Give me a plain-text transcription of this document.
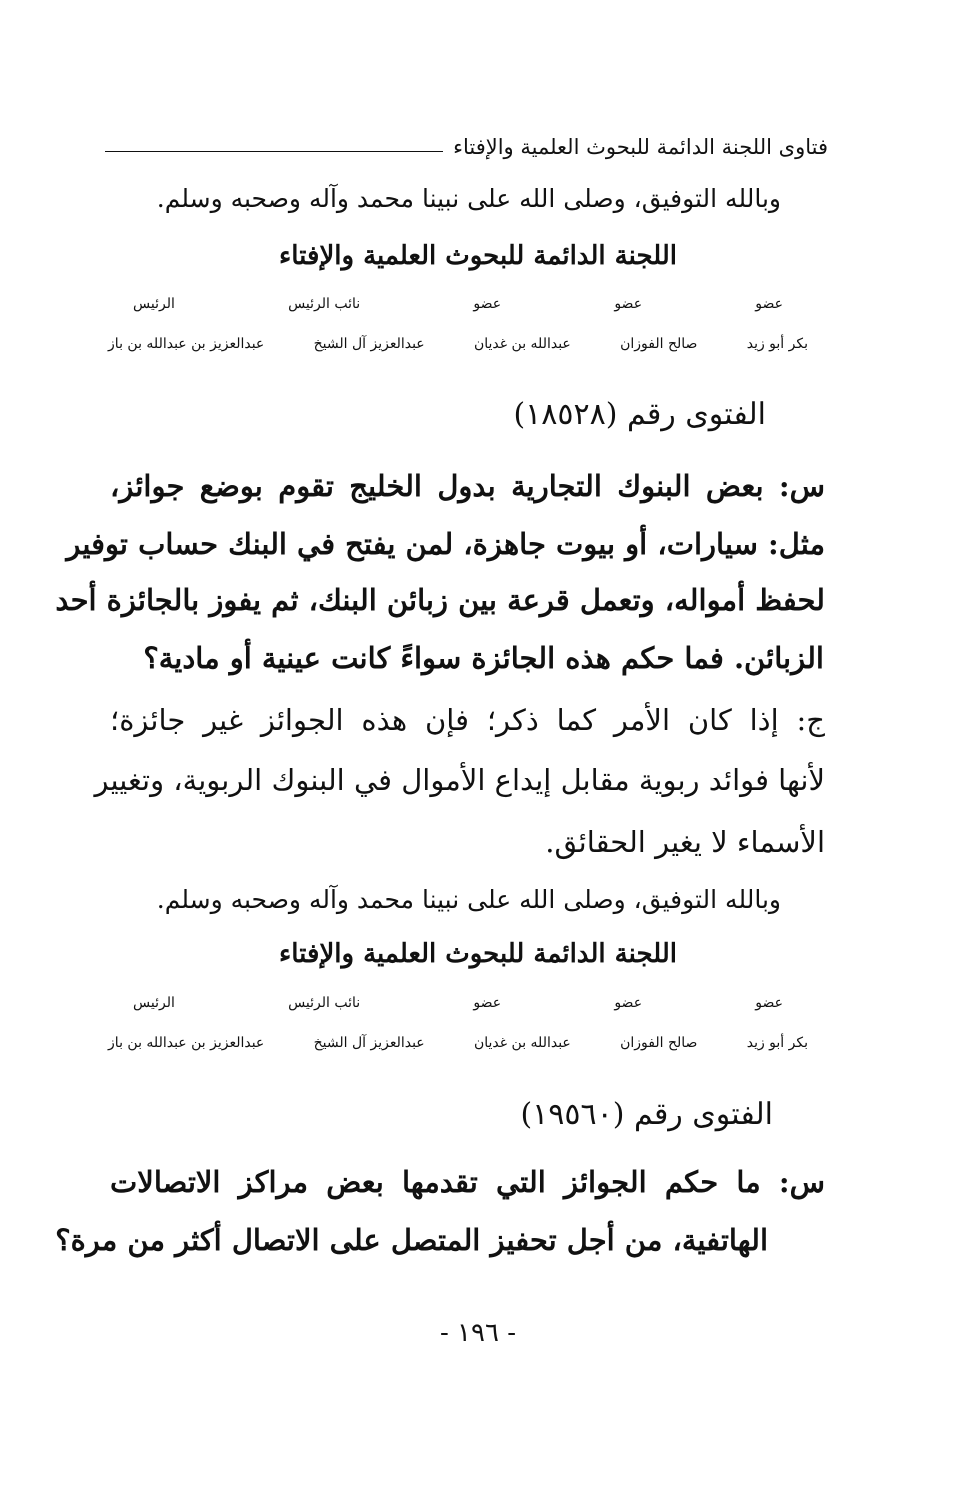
فتاوى اللجنة الدائمة للبحوث العلمية والإفتاء
وبالله التوفيق، وصلى الله على نبينا محمد وآله وصحبه وسلم.
اللجنة الدائمة للبحوث العلمية والإفتاء
عضو
عضو
عضو
نائب الرئيس
الرئيس
بكر أبو زيد
صالح الفوزان
عبدالله بن غديان
عبدالعزيز آل الشيخ
عبدالعزيز بن عبدالله بن باز
الفتوى رقم (١٨٥٢٨)
س: بعض البنوك التجارية بدول الخليج تقوم بوضع جوائز،
مثل: سيارات، أو بيوت جاهزة، لمن يفتح في البنك حساب توفير
لحفظ أمواله، وتعمل قرعة بين زبائن البنك، ثم يفوز بالجائزة أحد
الزبائن. فما حكم هذه الجائزة سواءً كانت عينية أو مادية؟
ج: إذا كان الأمر كما ذكر؛ فإن هذه الجوائز غير جائزة؛
لأنها فوائد ربوية مقابل إيداع الأموال في البنوك الربوية، وتغيير
الأسماء لا يغير الحقائق.
وبالله التوفيق، وصلى الله على نبينا محمد وآله وصحبه وسلم.
اللجنة الدائمة للبحوث العلمية والإفتاء
عضو
عضو
عضو
نائب الرئيس
الرئيس
بكر أبو زيد
صالح الفوزان
عبدالله بن غديان
عبدالعزيز آل الشيخ
عبدالعزيز بن عبدالله بن باز
الفتوى رقم (١٩٥٦٠)
س: ما حكم الجوائز التي تقدمها بعض مراكز الاتصالات
الهاتفية، من أجل تحفيز المتصل على الاتصال أكثر من مرة؟
- ١٩٦ -
